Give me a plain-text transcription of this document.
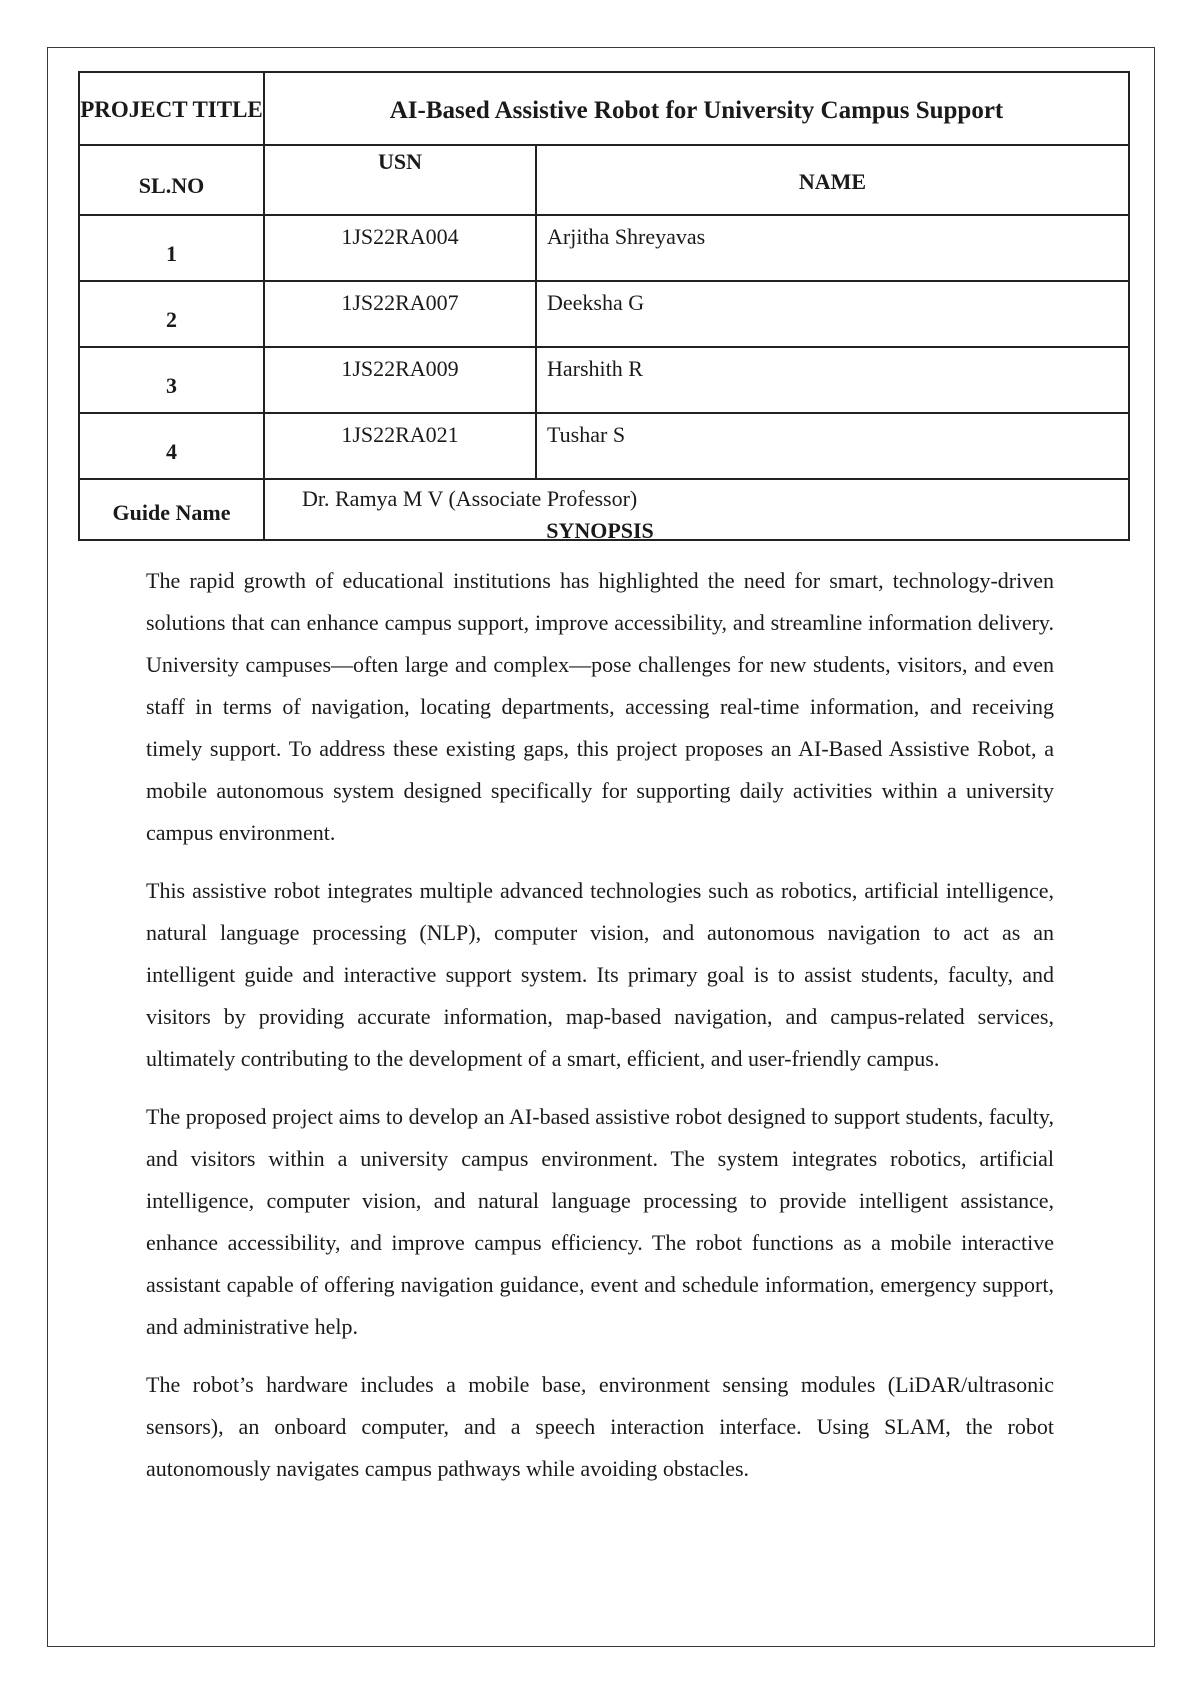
PROJECT TITLE	AI-Based Assistive Robot for University Campus Support	
SL.NO	USN	NAME
1	1JS22RA004	Arjitha Shreyavas
2	1JS22RA007	Deeksha G
3	1JS22RA009	Harshith R
4	1JS22RA021	Tushar S
Guide Name	Dr. Ramya M V (Associate Professor)	
SYNOPSIS

The rapid growth of educational institutions has highlighted the need for smart, technology-driven solutions that can enhance campus support, improve accessibility, and streamline information delivery. University campuses—often large and complex—pose challenges for new students, visitors, and even staff in terms of navigation, locating departments, accessing real-time information, and receiving timely support. To address these existing gaps, this project proposes an AI-Based Assistive Robot, a mobile autonomous system designed specifically for supporting daily activities within a university campus environment.

This assistive robot integrates multiple advanced technologies such as robotics, artificial intelligence, natural language processing (NLP), computer vision, and autonomous navigation to act as an intelligent guide and interactive support system. Its primary goal is to assist students, faculty, and visitors by providing accurate information, map-based navigation, and campus-related services, ultimately contributing to the development of a smart, efficient, and user-friendly campus.

The proposed project aims to develop an AI-based assistive robot designed to support students, faculty, and visitors within a university campus environment. The system integrates robotics, artificial intelligence, computer vision, and natural language processing to provide intelligent assistance, enhance accessibility, and improve campus efficiency. The robot functions as a mobile interactive assistant capable of offering navigation guidance, event and schedule information, emergency support, and administrative help.

The robot’s hardware includes a mobile base, environment sensing modules (LiDAR/ultrasonic sensors), an onboard computer, and a speech interaction interface. Using SLAM, the robot autonomously navigates campus pathways while avoiding obstacles.
